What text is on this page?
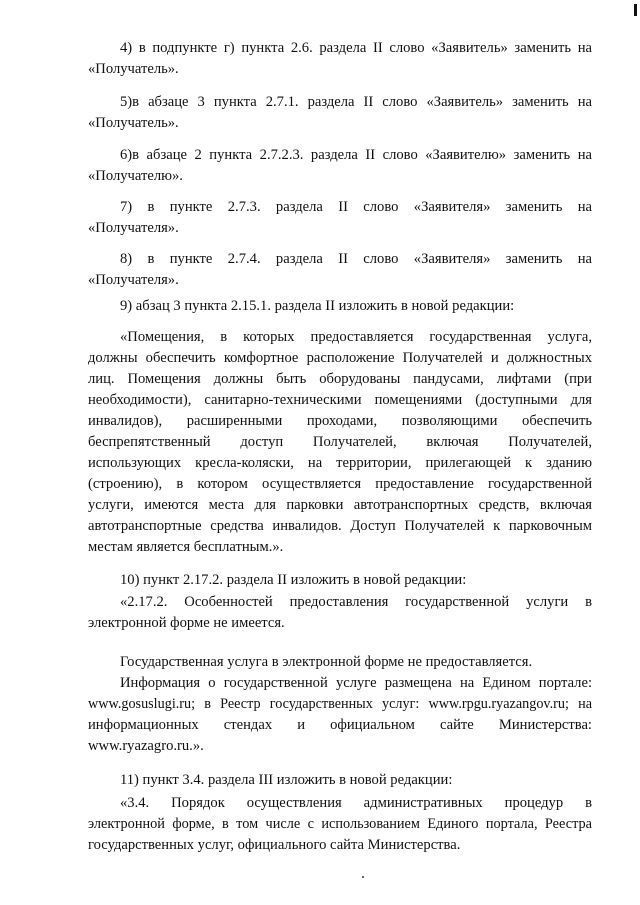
4) в подпункте г) пункта 2.6. раздела II слово «Заявитель» заменить на
«Получатель».
5)в абзаце 3 пункта 2.7.1. раздела II слово «Заявитель» заменить на
«Получатель».
6)в абзаце 2 пункта 2.7.2.3. раздела II слово «Заявителю» заменить на
«Получателю».
7) в пункте 2.7.3. раздела II слово «Заявителя» заменить на
«Получателя».
8) в пункте 2.7.4. раздела II слово «Заявителя» заменить на
«Получателя».
9) абзац 3 пункта 2.15.1. раздела II изложить в новой редакции:
«Помещения, в которых предоставляется государственная услуга,
должны обеспечить комфортное расположение Получателей и должностных
лиц. Помещения должны быть оборудованы пандусами, лифтами (при
необходимости), санитарно-техническими помещениями (доступными для
инвалидов), расширенными проходами, позволяющими обеспечить
беспрепятственный доступ Получателей, включая Получателей,
использующих кресла-коляски, на территории, прилегающей к зданию
(строению), в котором осуществляется предоставление государственной
услуги, имеются места для парковки автотранспортных средств, включая
автотранспортные средства инвалидов. Доступ Получателей к парковочным
местам является бесплатным.».
10) пункт 2.17.2. раздела II изложить в новой редакции:
«2.17.2. Особенностей предоставления государственной услуги в
электронной форме не имеется.
Государственная услуга в электронной форме не предоставляется.
Информация о государственной услуге размещена на Едином портале:
www.gosuslugi.ru; в Реестр государственных услуг: www.rpgu.ryazangov.ru; на
информационных стендах и официальном сайте Министерства:
www.ryazagro.ru.».
11) пункт 3.4. раздела III изложить в новой редакции:
«3.4. Порядок осуществления административных процедур в
электронной форме, в том числе с использованием Единого портала, Реестра
государственных услуг, официального сайта Министерства.
